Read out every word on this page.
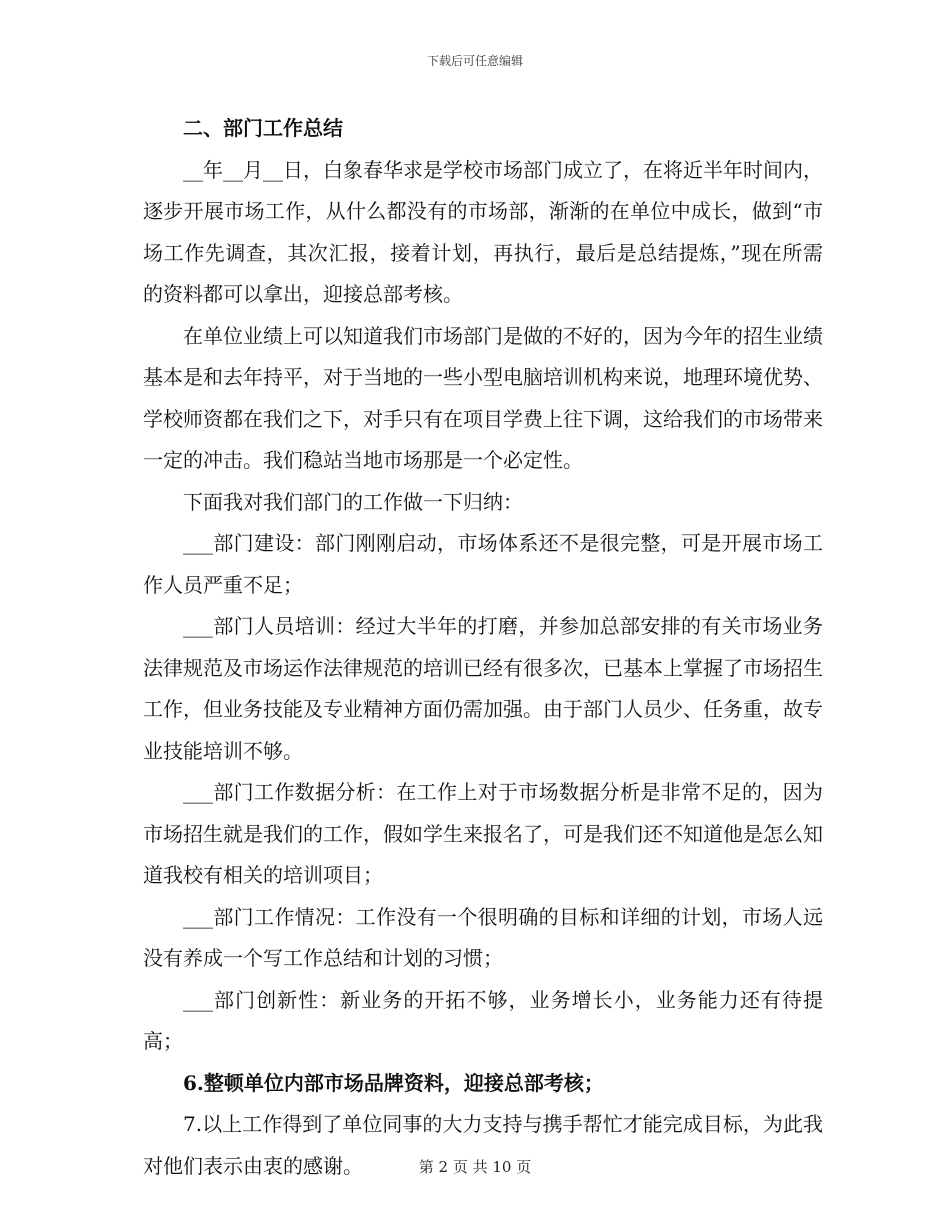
下载后可任意编辑

二、部门工作总结

__年__月__日，白象春华求是学校市场部门成立了，在将近半年时间内，逐步开展市场工作，从什么都没有的市场部，渐渐的在单位中成长，做到“市场工作先调查，其次汇报，接着计划，再执行，最后是总结提炼，”现在所需的资料都可以拿出，迎接总部考核。

在单位业绩上可以知道我们市场部门是做的不好的，因为今年的招生业绩基本是和去年持平，对于当地的一些小型电脑培训机构来说，地理环境优势、学校师资都在我们之下，对手只有在项目学费上往下调，这给我们的市场带来一定的冲击。我们稳站当地市场那是一个必定性。

下面我对我们部门的工作做一下归纳：

___部门建设：部门刚刚启动，市场体系还不是很完整，可是开展市场工作人员严重不足；

___部门人员培训：经过大半年的打磨，并参加总部安排的有关市场业务法律规范及市场运作法律规范的培训已经有很多次，已基本上掌握了市场招生工作，但业务技能及专业精神方面仍需加强。由于部门人员少、任务重，故专业技能培训不够。

___部门工作数据分析：在工作上对于市场数据分析是非常不足的，因为市场招生就是我们的工作，假如学生来报名了，可是我们还不知道他是怎么知道我校有相关的培训项目；

___部门工作情况：工作没有一个很明确的目标和详细的计划，市场人远没有养成一个写工作总结和计划的习惯；

___部门创新性：新业务的开拓不够，业务增长小，业务能力还有待提高；

6.整顿单位内部市场品牌资料，迎接总部考核；

7.以上工作得到了单位同事的大力支持与携手帮忙才能完成目标，为此我对他们表示由衷的感谢。	第 2 页 共 10 页
